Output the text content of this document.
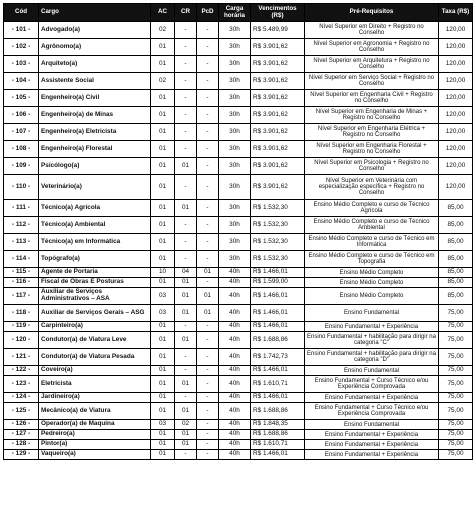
Cód	Cargo	AC	CR	PcD	Carga horária	Vencimentos (R$)	Pré-Requisitos	Taxa (R$)
- 101 -	Advogado(a)	02	-	-	30h	R$ 5.489,99	Nível Superior em Direito + Registro no Conselho	120,00
- 102 -	Agrônomo(a)	01	-	-	30h	R$ 3.901,62	Nível Superior em Agronomia + Registro no Conselho	120,00
- 103 -	Arquiteto(a)	01	-	-	30h	R$ 3.901,62	Nível Superior em Arquitetura + Registro no Conselho	120,00
- 104 -	Assistente Social	02	-	-	30h	R$ 3.901,62	Nível Superior em Serviço Social + Registro no Conselho	120,00
- 105 -	Engenheiro(a) Civil	01	-	-	30h	R$ 3.901,62	Nível Superior em Engenharia Civil + Registro no Conselho	120,00
- 106 -	Engenheiro(a) de Minas	01	-	-	30h	R$ 3.901,62	Nível Superior em Engenharia de Minas + Registro no Conselho	120,00
- 107 -	Engenheiro(a) Eletricista	01	-	-	30h	R$ 3.901,62	Nível Superior em Engenharia Elétrica + Registro no Conselho	120,00
- 108 -	Engenheiro(a) Florestal	01	-	-	30h	R$ 3.901,62	Nível Superior em Engenharia Florestal + Registro no Conselho	120,00
- 109 -	Psicólogo(a)	01	01	-	30h	R$ 3.901,62	Nível Superior em Psicologia + Registro no Conselho	120,00
- 110 -	Veterinário(a)	01	-	-	30h	R$ 3.901,62	Nível Superior em Veterinária com especialização específica + Registro no Conselho	120,00
- 111 -	Técnico(a) Agrícola	01	01	-	30h	R$ 1.532,30	Ensino Médio Completo e curso de Técnico Agrícola	85,00
- 112 -	Técnico(a) Ambiental	01	-	-	30h	R$ 1.532,30	Ensino Médio Completo e curso de Técnico Ambiental	85,00
- 113 -	Técnico(a) em Informática	01	-	-	30h	R$ 1.532,30	Ensino Médio Completo e curso de Técnico em Informática	85,00
- 114 -	Topógrafo(a)	01	-	-	30h	R$ 1.532,30	Ensino Médio Completo e curso de Técnico em Topografia	85,00
- 115 -	Agente de Portaria	10	04	01	40h	R$ 1.466,01	Ensino Médio Completo	85,00
- 116 -	Fiscal de Obras E Posturas	01	01	-	40h	R$ 1.599,00	Ensino Médio Completo	85,00
- 117 -	Auxiliar de Serviços Administrativos – ASA	03	01	01	40h	R$ 1.466,01	Ensino Médio Completo	85,00
- 118 -	Auxiliar de Serviços Gerais – ASG	03	01	01	40h	R$ 1.466,01	Ensino Fundamental	75,00
- 119 -	Carpinteiro(a)	01	-	-	40h	R$ 1.466,01	Ensino Fundamental + Experiência	75,00
- 120 -	Condutor(a) de Viatura Leve	01	01	-	40h	R$ 1.688,86	Ensino Fundamental + habilitação para dirigir na categoria "C"	75,00
- 121 -	Condutor(a) de Viatura Pesada	01	-	-	40h	R$ 1.742,73	Ensino Fundamental + habilitação para dirigir na categoria "D"	75,00
- 122 -	Coveiro(a)	01	-	-	40h	R$ 1.466,01	Ensino Fundamental	75,00
- 123 -	Eletricista	01	01	-	40h	R$ 1.610,71	Ensino Fundamental + Curso Técnico e/ou Experiência Comprovada	75,00
- 124 -	Jardineiro(a)	01	-	-	40h	R$ 1.466,01	Ensino Fundamental + Experiência	75,00
- 125 -	Mecânico(a) de Viatura	01	01	-	40h	R$ 1.688,86	Ensino Fundamental + Curso Técnico e/ou Experiência Comprovada	75,00
- 126 -	Operador(a) de Maquina	03	02	-	40h	R$ 1.848,35	Ensino Fundamental	75,00
- 127 -	Pedreiro(a)	01	01	-	40h	R$ 1.688,86	Ensino Fundamental + Experiência	75,00
- 128 -	Pintor(a)	01	01	-	40h	R$ 1.610,71	Ensino Fundamental + Experiência	75,00
- 129 -	Vaqueiro(a)	01	-	-	40h	R$ 1.466,01	Ensino Fundamental + Experiência	75,00
